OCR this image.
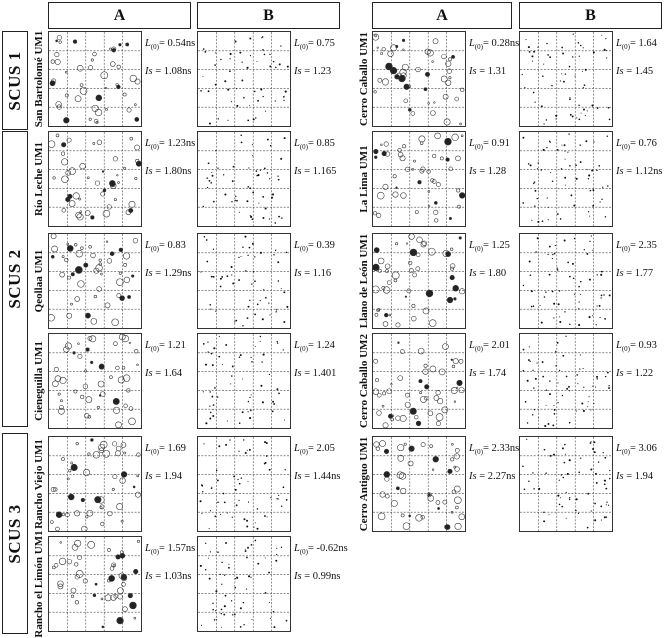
A	B	A	B
SCUS 1
SCUS 2
SCUS 3
San Bartolomé UM1	$L_{(0)}= 0.54ns$
Is = 1.08ns
$L_{(0)}= 0.75$
Is = 1.23
Río Leche UM1	$L_{(0)}= 1.23ns$
Is = 1.80ns
$L_{(0)}= 0.85$
Is = 1.165
Qeollaa UM1
$L_{(0)}= 0.83$
Is = 1.29ns
$L_{(0)}= 0.39$
Is = 1.16
Cieneguilla UM1	$L_{(0)}= 1.21$
Is = 1.64
$L_{(0)}= 1.24$
Is = 1.401
Rancho Viejo UM1	$L_{(0)}= 1.69$
Is = 1.94
$L_{(0)}= 2.05$
Is = 1.44ns
Rancho el Limón UM1	$L_{(0)}= 1.57ns$
Is = 1.03ns
$L_{(0)}= -0.62ns$
Is = 0.99ns
Cerro Caballo UM1	$L_{(0)}= 0.28ns$
Is = 1.31
$L_{(0)}= 1.64$
Is = 1.45
La Lima UM1
$L_{(0)}= 0.91$
Is = 1.28
$L_{(0)}= 0.76$
Is = 1.12ns
Llano de León UM1	$L_{(0)}= 1.25$
Is = 1.80
$L_{(0)}= 2.35$
Is = 1.77
Cerro Caballo UM2	$L_{(0)}= 2.01$
Is = 1.74
$L_{(0)}= 0.93$
Is = 1.22
Cerro Antiguo UM1	$L_{(0)}= 2.33ns$
Is = 2.27ns
$L_{(0)}= 3.06$
Is = 1.94
